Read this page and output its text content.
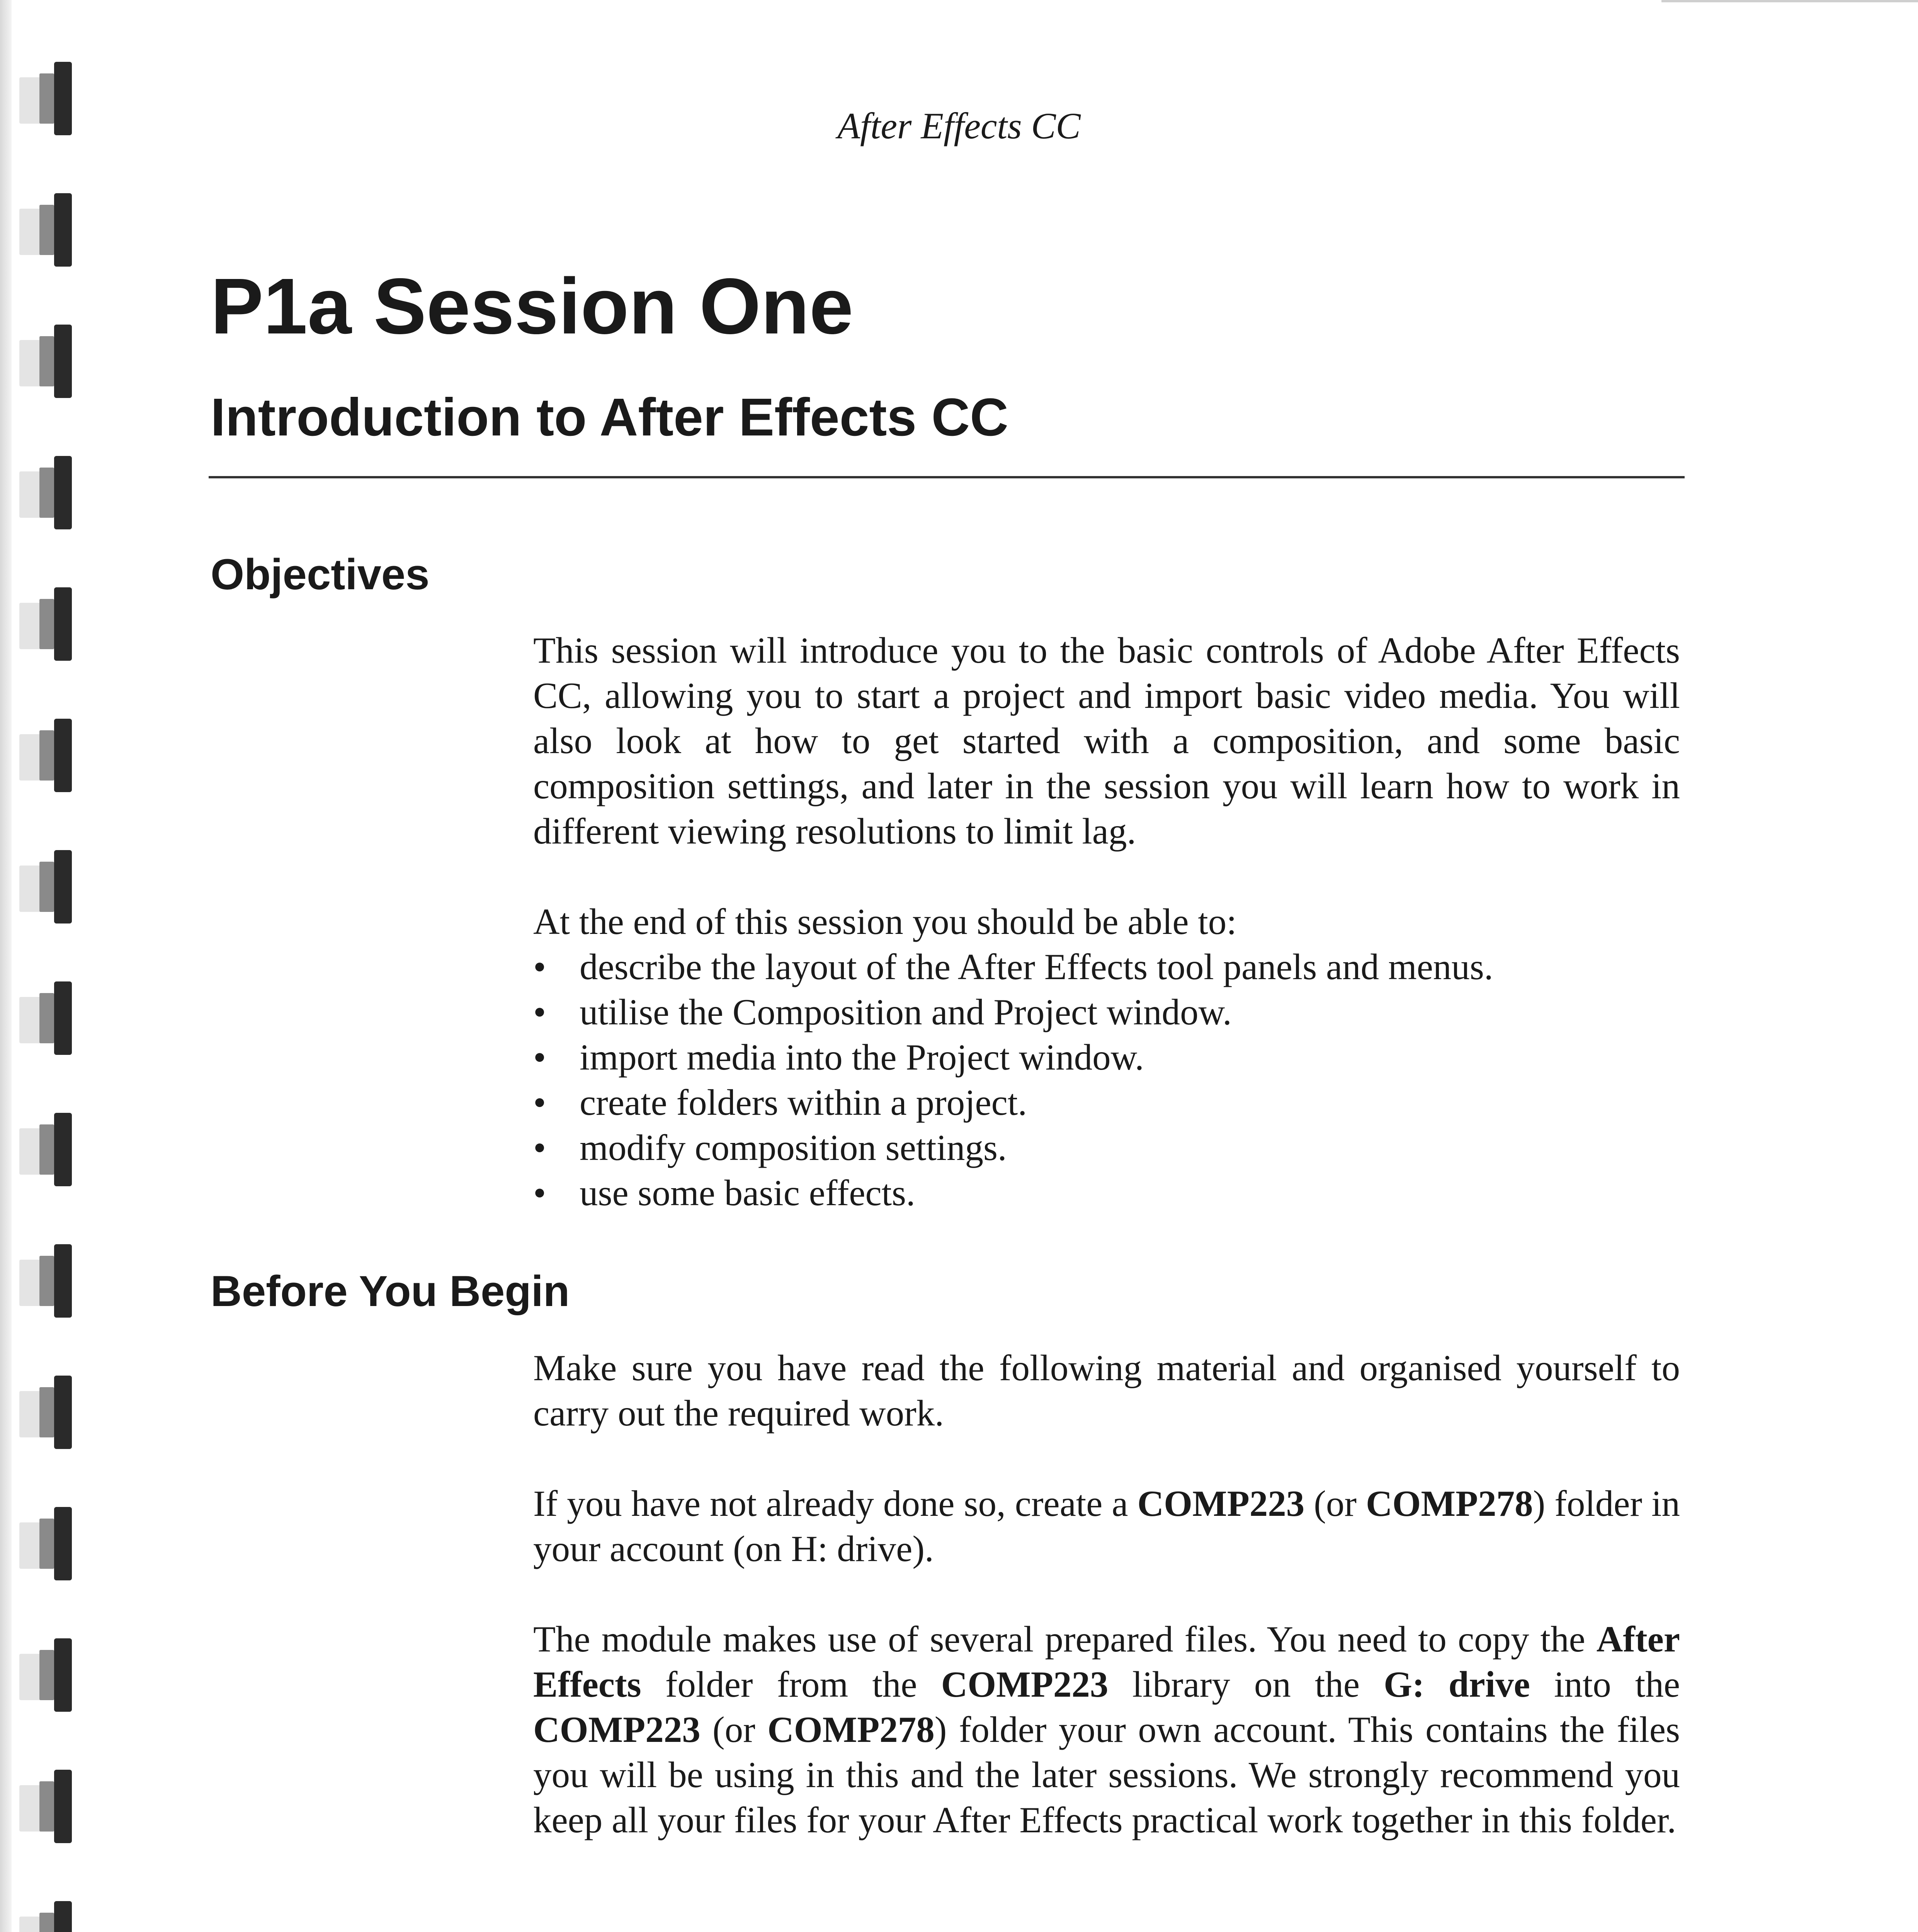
After Effects CC
P1a Session One
Introduction to After Effects CC
Objectives

This session will introduce you to the basic controls of Adobe After Effects CC, allowing you to start a project and import basic video media. You will also look at how to get started with a composition, and some basic composition settings, and later in the session you will learn how to work in different viewing resolutions to limit lag.

At the end of this session you should be able to:

• describe the layout of the After Effects tool panels and menus.
• utilise the Composition and Project window.
• import media into the Project window.
• create folders within a project.
• modify composition settings.
• use some basic effects.
Before You Begin

Make sure you have read the following material and organised yourself to carry out the required work.

If you have not already done so, create a COMP223 (or COMP278) folder in your account (on H: drive).

The module makes use of several prepared files. You need to copy the After Effects folder from the COMP223 library on the G: drive into the COMP223 (or COMP278) folder your own account. This contains the files you will be using in this and the later sessions. We strongly recommend you keep all your files for your After Effects practical work together in this folder.
